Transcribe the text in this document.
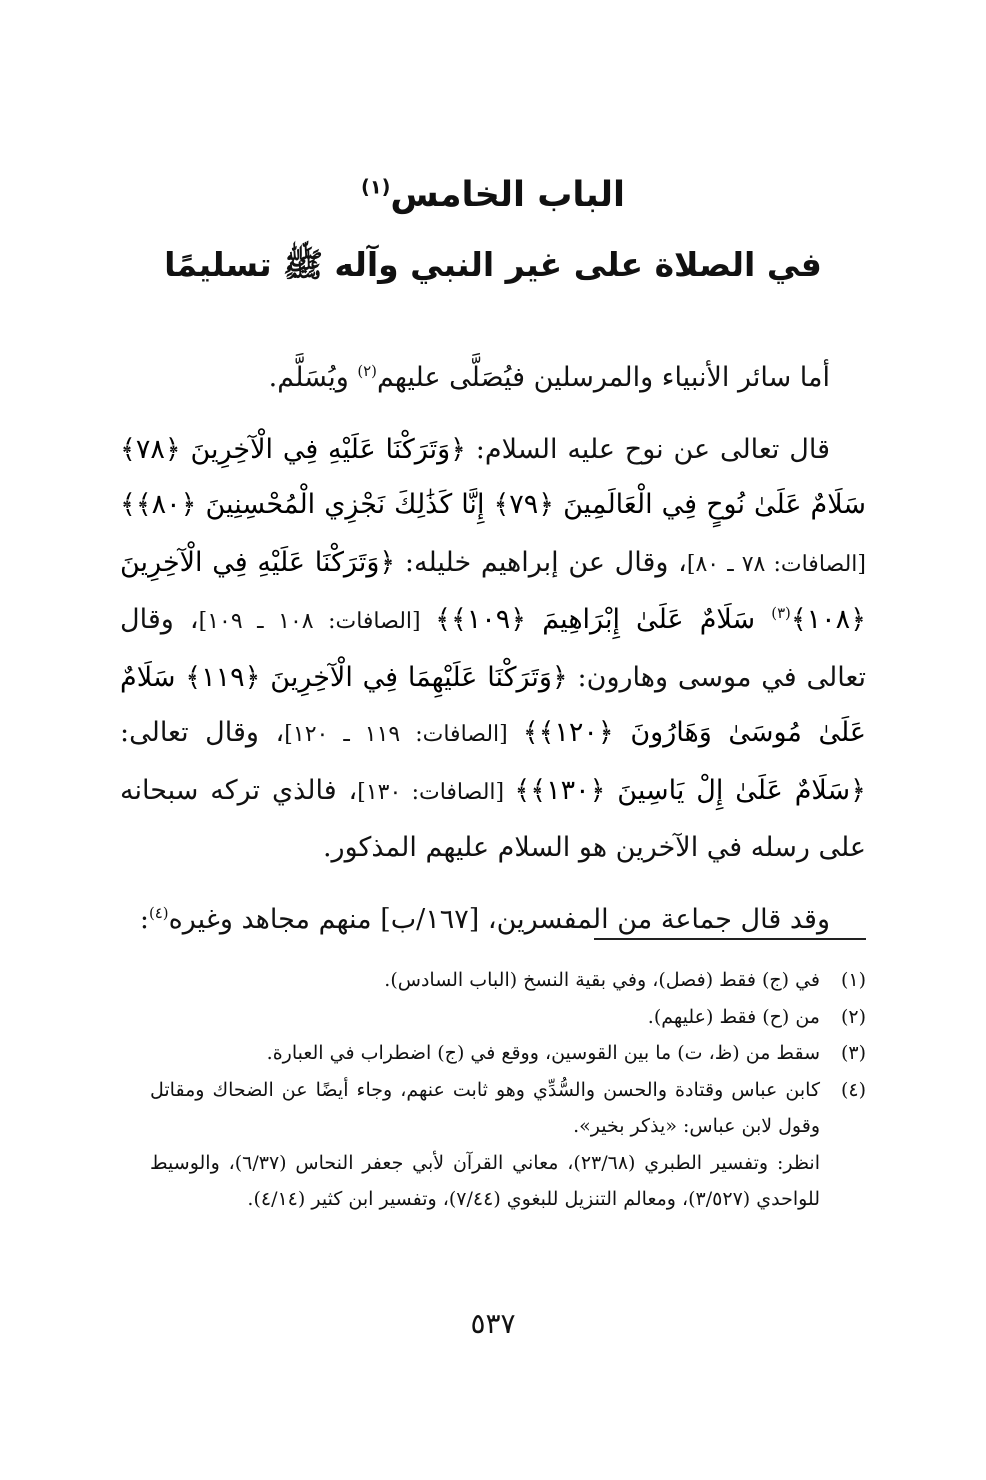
الباب الخامس$^{(١)}$
في الصلاة على غير النبي وآله ﷺ تسليمًا

أما سائر الأنبياء والمرسلين فيُصَلَّى عليهم$^{(٢)}$ ويُسَلَّم.

قال تعالى عن نوح عليه السلام: ﴿وَتَرَكْنَا عَلَيْهِ فِي الْآخِرِينَ ﴿٧٨﴾ سَلَامٌ عَلَىٰ نُوحٍ فِي الْعَالَمِينَ ﴿٧٩﴾ إِنَّا كَذَٰلِكَ نَجْزِي الْمُحْسِنِينَ ﴿٨٠﴾﴾ [الصافات: ٧٨ ـ ٨٠]، وقال عن إبراهيم خليله: ﴿وَتَرَكْنَا عَلَيْهِ فِي الْآخِرِينَ ﴿١٠٨﴾$^{(٣)}$ سَلَامٌ عَلَىٰ إِبْرَاهِيمَ ﴿١٠٩﴾﴾ [الصافات: ١٠٨ ـ ١٠٩]، وقال تعالى في موسى وهارون: ﴿وَتَرَكْنَا عَلَيْهِمَا فِي الْآخِرِينَ ﴿١١٩﴾ سَلَامٌ عَلَىٰ مُوسَىٰ وَهَارُونَ ﴿١٢٠﴾﴾ [الصافات: ١١٩ ـ ١٢٠]، وقال تعالى: ﴿سَلَامٌ عَلَىٰ إِلْ يَاسِينَ ﴿١٣٠﴾﴾ [الصافات: ١٣٠]، فالذي تركه سبحانه على رسله في الآخرين هو السلام عليهم المذكور.

وقد قال جماعة من المفسرين، [١٦٧/ب] منهم مجاهد وغيره$^{(٤)}$:

(١)
في (ج) فقط (فصل)، وفي بقية النسخ (الباب السادس).
(٢)
من (ح) فقط (عليهم).
(٣)
سقط من (ظ، ت) ما بين القوسين، ووقع في (ج) اضطراب في العبارة.
(٤)
كابن عباس وقتادة والحسن والسُّدِّي وهو ثابت عنهم، وجاء أيضًا عن الضحاك ومقاتل وقول لابن عباس: «يذكر بخير».
انظر: وتفسير الطبري (٢٣/٦٨)، معاني القرآن لأبي جعفر النحاس (٦/٣٧)، والوسيط للواحدي (٣/٥٢٧)، ومعالم التنزيل للبغوي (٧/٤٤)، وتفسير ابن كثير (٤/١٤).
٥٣٧
